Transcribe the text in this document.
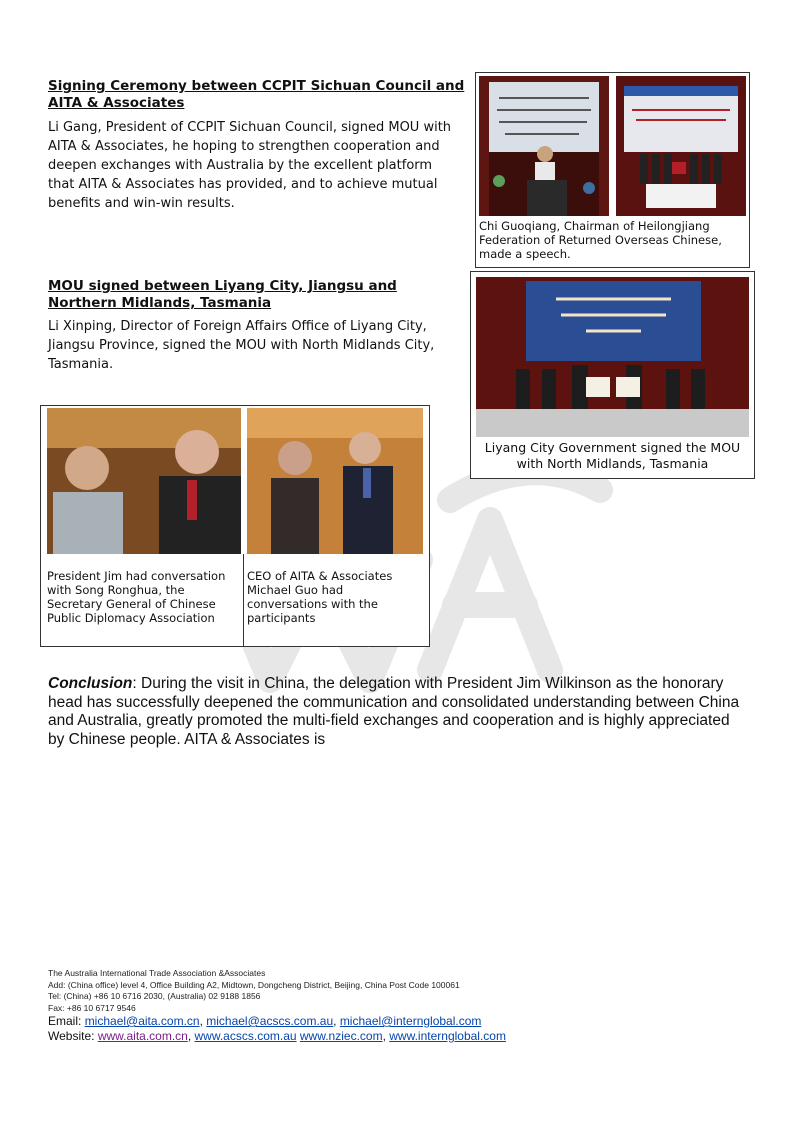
Signing Ceremony between CCPIT Sichuan Council and
AITA & Associates
Li Gang, President of CCPIT Sichuan Council, signed MOU with AITA & Associates, he hoping to strengthen cooperation and deepen exchanges with Australia by the excellent platform that AITA & Associates has provided, and to achieve mutual benefits and win-win results.
Chi Guoqiang, Chairman of Heilongjiang Federation of Returned Overseas Chinese, made a speech.
MOU signed between Liyang City, Jiangsu and
Northern Midlands, Tasmania
Li Xinping, Director of Foreign Affairs Office of Liyang City, Jiangsu Province, signed the MOU with North Midlands City, Tasmania.
Liyang City Government signed the MOU with North Midlands, Tasmania
President Jim had conversation with Song Ronghua, the Secretary General of Chinese Public Diplomacy Association
CEO of AITA & Associates Michael Guo had conversations with the participants
Conclusion: During the visit in China, the delegation with President Jim Wilkinson as the honorary head has successfully deepened the communication and consolidated understanding between China and Australia, greatly promoted the multi-field exchanges and cooperation and is highly appreciated by Chinese people. AITA & Associates is
The Australia International Trade Association &Associates
Add: (China office) level 4, Office Building A2, Midtown, Dongcheng District, Beijing, China Post Code 100061
Tel: (China) +86 10 6716 2030, (Australia) 02 9188 1856
Fax: +86 10 6717 9546
Email: michael@aita.com.cn, michael@acscs.com.au, michael@internglobal.com
Website: www.aita.com.cn, www.acscs.com.au www.nziec.com, www.internglobal.com
